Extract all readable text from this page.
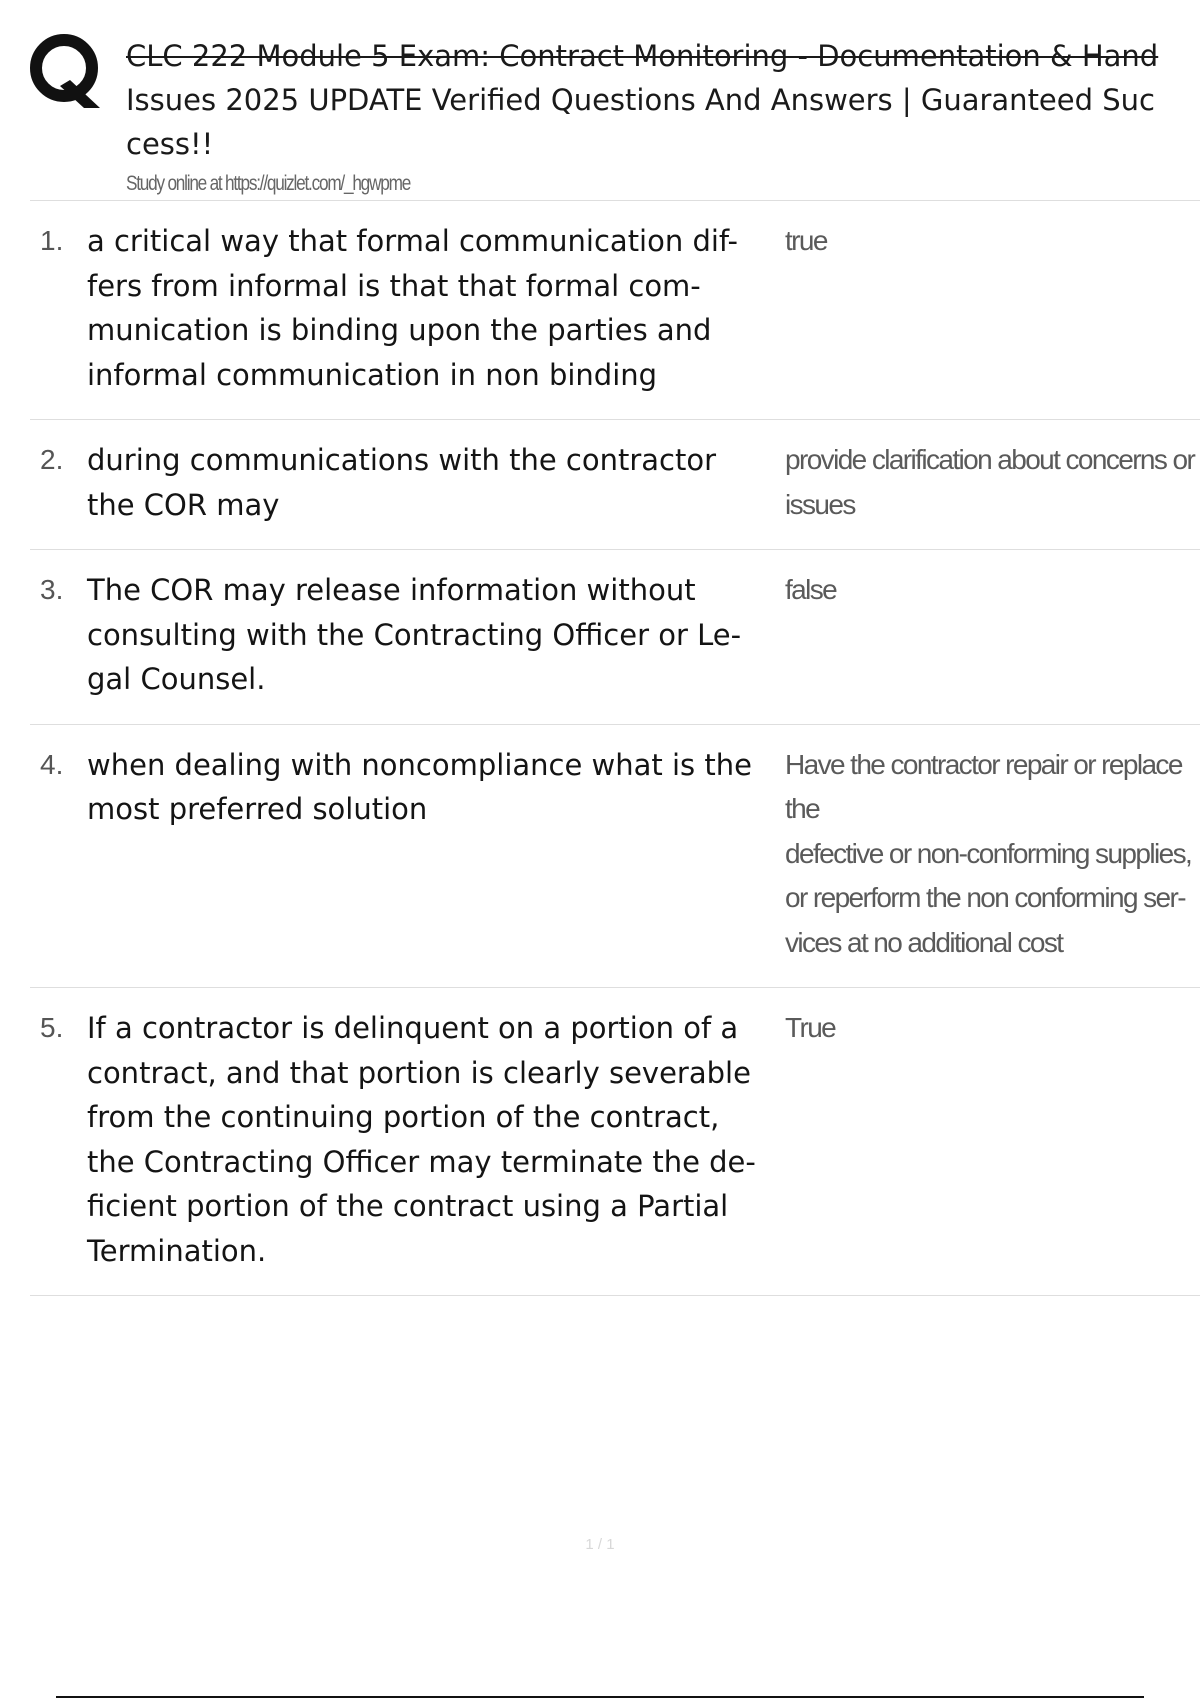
CLC 222 Module 5 Exam: Contract Monitoring - Documentation & Hand
Issues 2025 UPDATE Verified Questions And Answers | Guaranteed Suc
cess!!
Study online at https://quizlet.com/_hgwpme
1. a critical way that formal communication dif-
fers from informal is that that formal com-
munication is binding upon the parties and
informal communication in non binding
true
2. during communications with the contractor
the COR may
provide clarification about concerns or
issues
3. The COR may release information without
consulting with the Contracting Officer or Le-
gal Counsel.
false
4. when dealing with noncompliance what is the
most preferred solution
Have the contractor repair or replace the
defective or non-conforming supplies,
or reperform the non conforming ser-
vices at no additional cost
5. If a contractor is delinquent on a portion of a
contract, and that portion is clearly severable
from the continuing portion of the contract,
the Contracting Officer may terminate the de-
ficient portion of the contract using a Partial
Termination.
True
1 / 1
